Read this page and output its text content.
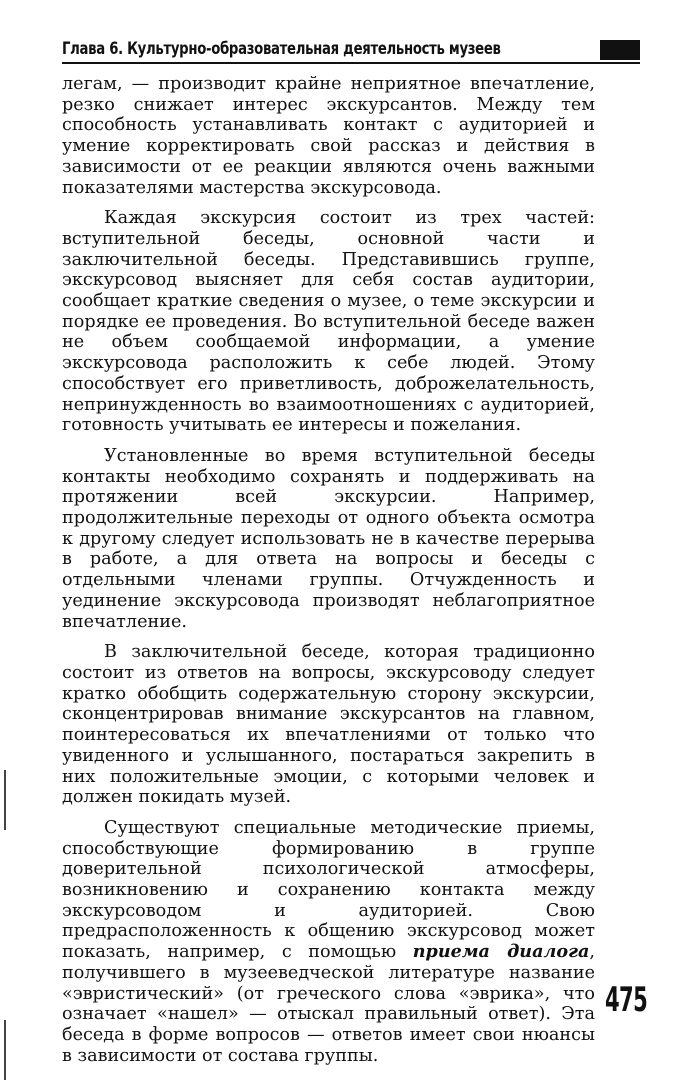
Глава 6. Культурно-образовательная деятельность музеев

легам, — производит крайне неприятное впечатление, резко снижает интерес экскурсантов. Между тем способность устанавливать контакт с аудиторией и умение корректировать свой рассказ и действия в зависимости от ее реакции являются очень важными показателями мастерства экскурсовода.

Каждая экскурсия состоит из трех частей: вступительной беседы, основной части и заключительной беседы. Представившись группе, экскурсовод выясняет для себя состав аудитории, сообщает краткие сведения о музее, о теме экскурсии и порядке ее проведения. Во вступительной беседе важен не объем сообщаемой информации, а умение экскурсовода расположить к себе людей. Этому способствует его приветливость, доброжелательность, непринужденность во взаимоотношениях с аудиторией, готовность учитывать ее интересы и пожелания.

Установленные во время вступительной беседы контакты необходимо сохранять и поддерживать на протяжении всей экскурсии. Например, продолжительные переходы от одного объекта осмотра к другому следует использовать не в качестве перерыва в работе, а для ответа на вопросы и беседы с отдельными членами группы. Отчужденность и уединение экскурсовода производят неблагоприятное впечатление.

В заключительной беседе, которая традиционно состоит из ответов на вопросы, экскурсоводу следует кратко обобщить содержательную сторону экскурсии, сконцентрировав внимание экскурсантов на главном, поинтересоваться их впечатлениями от только что увиденного и услышанного, постараться закрепить в них положительные эмоции, с которыми человек и должен покидать музей.

Существуют специальные методические приемы, способствующие формированию в группе доверительной психологической атмосферы, возникновению и сохранению контакта между экскурсоводом и аудиторией. Свою предрасположенность к общению экскурсовод может показать, например, с помощью приема диалога, получившего в музееведческой литературе название «эвристический» (от греческого слова «эврика», что означает «нашел» — отыскал правильный ответ). Эта беседа в форме вопросов — ответов имеет свои нюансы в зависимости от состава группы.

475
